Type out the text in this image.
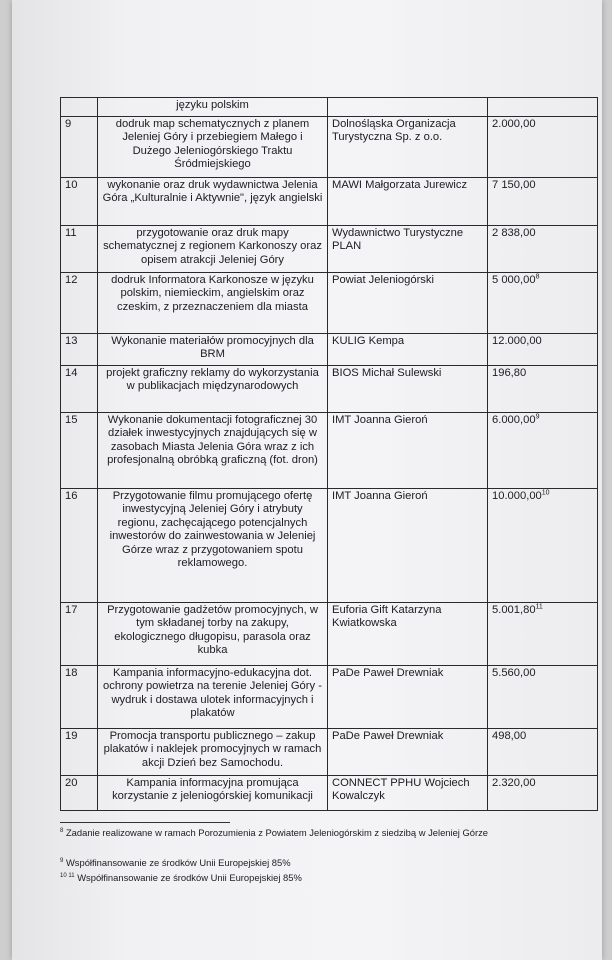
	języku polskim		
9	dodruk map schematycznych z planem Jeleniej Góry i przebiegiem Małego i Dużego Jeleniogórskiego Traktu Śródmiejskiego	Dolnośląska Organizacja Turystyczna Sp. z o.o.	2.000,00
10	wykonanie oraz druk wydawnictwa Jelenia Góra „Kulturalnie i Aktywnie", język angielski	MAWI Małgorzata Jurewicz	7 150,00
11	przygotowanie oraz druk mapy schematycznej z regionem Karkonoszy oraz opisem atrakcji Jeleniej Góry	Wydawnictwo Turystyczne PLAN	2 838,00
12	dodruk Informatora Karkonosze w języku polskim, niemieckim, angielskim oraz czeskim, z przeznaczeniem dla miasta	Powiat Jeleniogórski	5 000,00$^8$
13	Wykonanie materiałów promocyjnych dla BRM	KULIG Kempa	12.000,00
14	projekt graficzny reklamy do wykorzystania w publikacjach międzynarodowych	BIOS Michał Sulewski	196,80
15	Wykonanie dokumentacji fotograficznej 30 działek inwestycyjnych znajdujących się w zasobach Miasta Jelenia Góra wraz z ich profesjonalną obróbką graficzną (fot. dron)	IMT Joanna Gieroń	6.000,00$^9$
16	Przygotowanie filmu promującego ofertę inwestycyjną Jeleniej Góry i atrybuty regionu, zachęcającego potencjalnych inwestorów do zainwestowania w Jeleniej Górze wraz z przygotowaniem spotu reklamowego.	IMT Joanna Gieroń	10.000,00$^{10}$
17	Przygotowanie gadżetów promocyjnych, w tym składanej torby na zakupy, ekologicznego długopisu, parasola oraz kubka	Euforia Gift Katarzyna Kwiatkowska	5.001,80$^{11}$
18	Kampania informacyjno-edukacyjna dot. ochrony powietrza na terenie Jeleniej Góry - wydruk i dostawa ulotek informacyjnych i plakatów	PaDe Paweł Drewniak	5.560,00
19	Promocja transportu publicznego – zakup plakatów i naklejek promocyjnych w ramach akcji Dzień bez Samochodu.	PaDe Paweł Drewniak	498,00
20	Kampania informacyjna promująca korzystanie z jeleniogórskiej komunikacji	CONNECT PPHU Wojciech Kowalczyk	2.320,00
$^8$ Zadanie realizowane w ramach Porozumienia z Powiatem Jeleniogórskim z siedzibą w Jeleniej Górze
$^9$ Współfinansowanie ze środków Unii Europejskiej 85%
$^{10 11}$ Współfinansowanie ze środków Unii Europejskiej 85%
